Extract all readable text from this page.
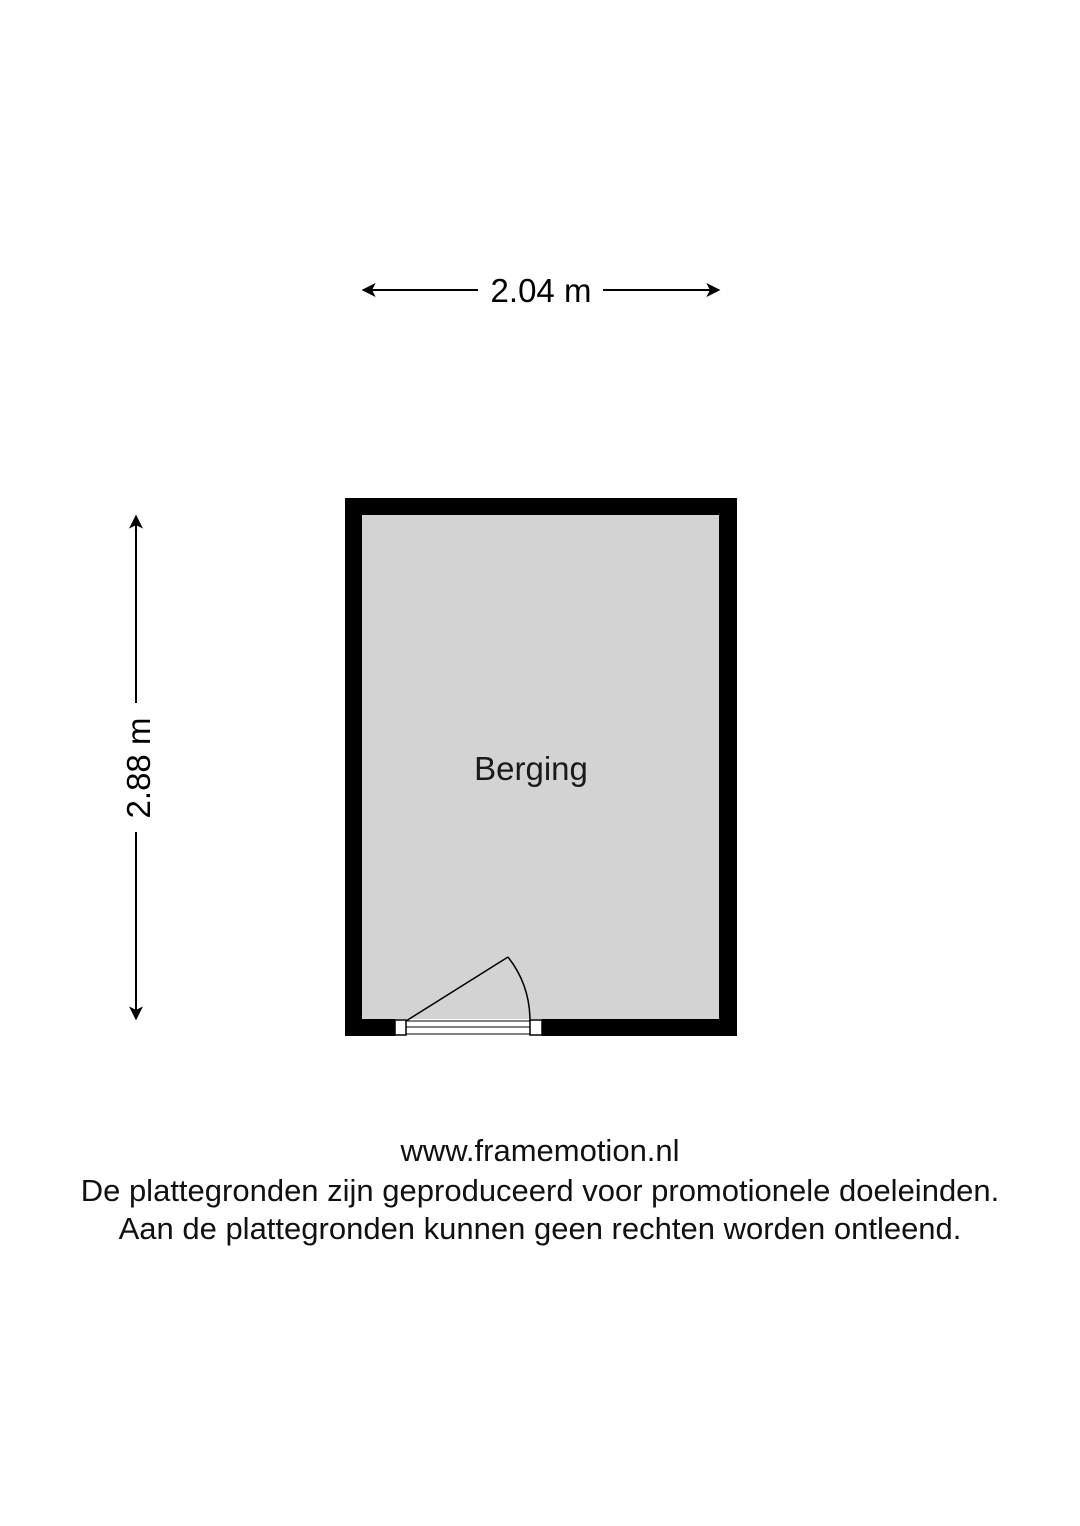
2.04 m
2.88 m	Berging
www.framemotion.nl
De plattegronden zijn geproduceerd voor promotionele doeleinden.
Aan de plattegronden kunnen geen rechten worden ontleend.
